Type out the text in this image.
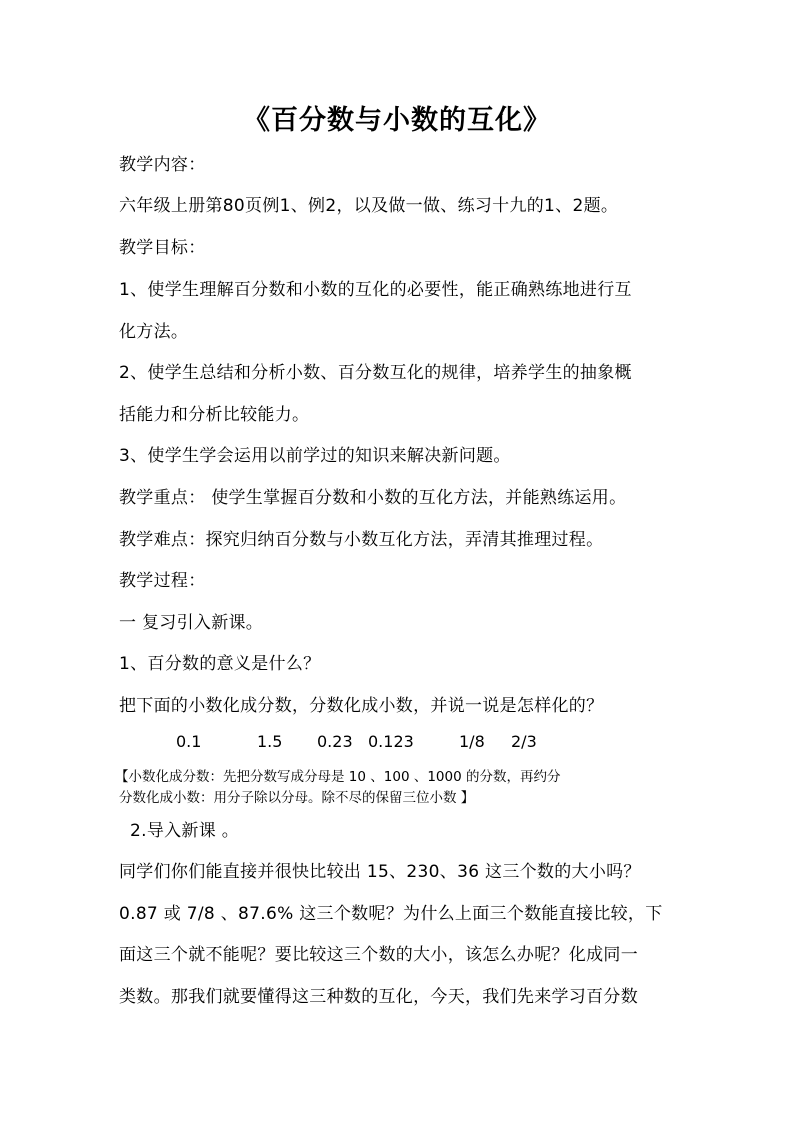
《百分数与小数的互化》
教学内容：
六年级上册第80页例1、例2，以及做一做、练习十九的1、2题。
教学目标：
1、使学生理解百分数和小数的互化的必要性，能正确熟练地进行互
化方法。
2、使学生总结和分析小数、百分数互化的规律，培养学生的抽象概
括能力和分析比较能力。
3、使学生学会运用以前学过的知识来解决新问题。
教学重点： 使学生掌握百分数和小数的互化方法，并能熟练运用。
教学难点：探究归纳百分数与小数互化方法，弄清其推理过程。
教学过程：
一 复习引入新课。
1、百分数的意义是什么？
把下面的小数化成分数，分数化成小数，并说一说是怎样化的？
0.1	1.5 0.23 0.123	1/8 2/3
【小数化成分数：先把分数写成分母是 10 、100 、1000 的分数，再约分
分数化成小数：用分子除以分母。除不尽的保留三位小数 】
2.导入新课 。
同学们你们能直接并很快比较出 15、230、36 这三个数的大小吗？
0.87 或 7/8 、87.6% 这三个数呢？为什么上面三个数能直接比较，下
面这三个就不能呢？要比较这三个数的大小，该怎么办呢？化成同一
类数。那我们就要懂得这三种数的互化，今天，我们先来学习百分数
